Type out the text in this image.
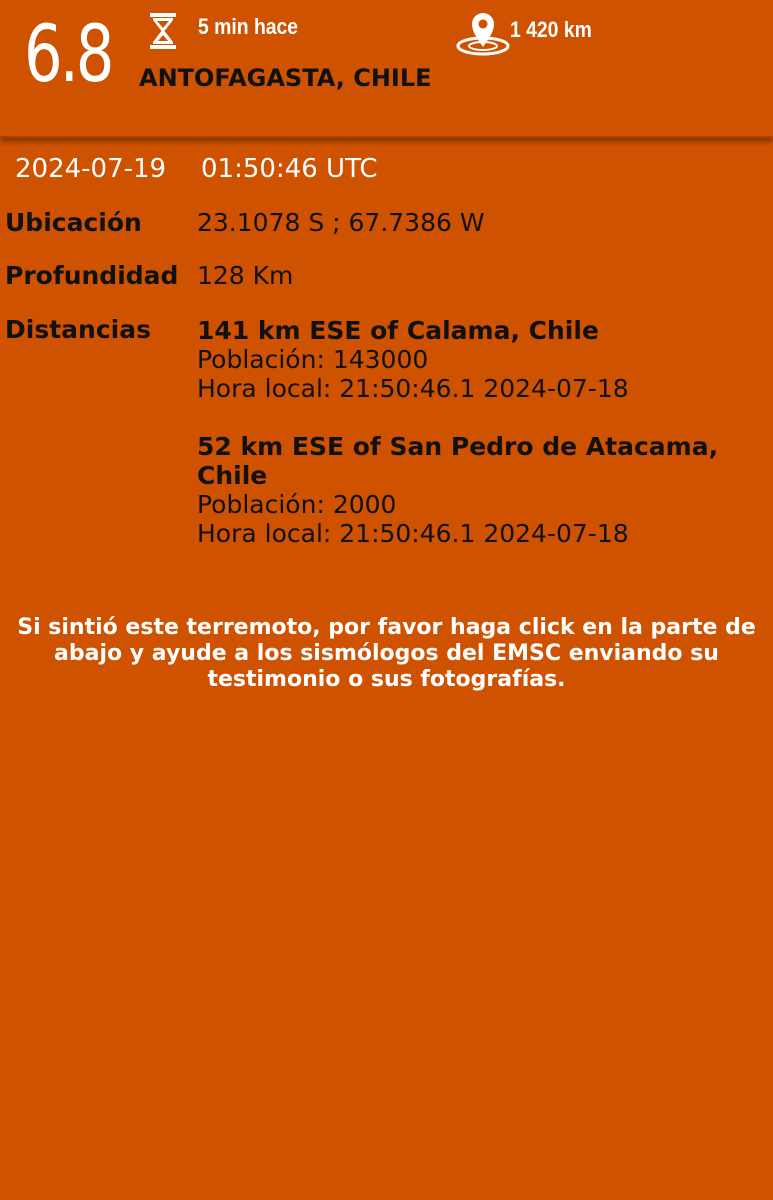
6.8	5 min hace	1 420 km
ANTOFAGASTA, CHILE
2024-07-19 01:50:46 UTC
Ubicación 23.1078 S ; 67.7386 W
Profundidad 128 Km
Distancias 141 km ESE of Calama, Chile
Población: 143000
Hora local: 21:50:46.1 2024-07-18
52 km ESE of San Pedro de Atacama, Chile
Población: 2000
Hora local: 21:50:46.1 2024-07-18
Si sintió este terremoto, por favor haga click en la parte de abajo y ayude a los sismólogos del EMSC enviando su testimonio o sus fotografías.
